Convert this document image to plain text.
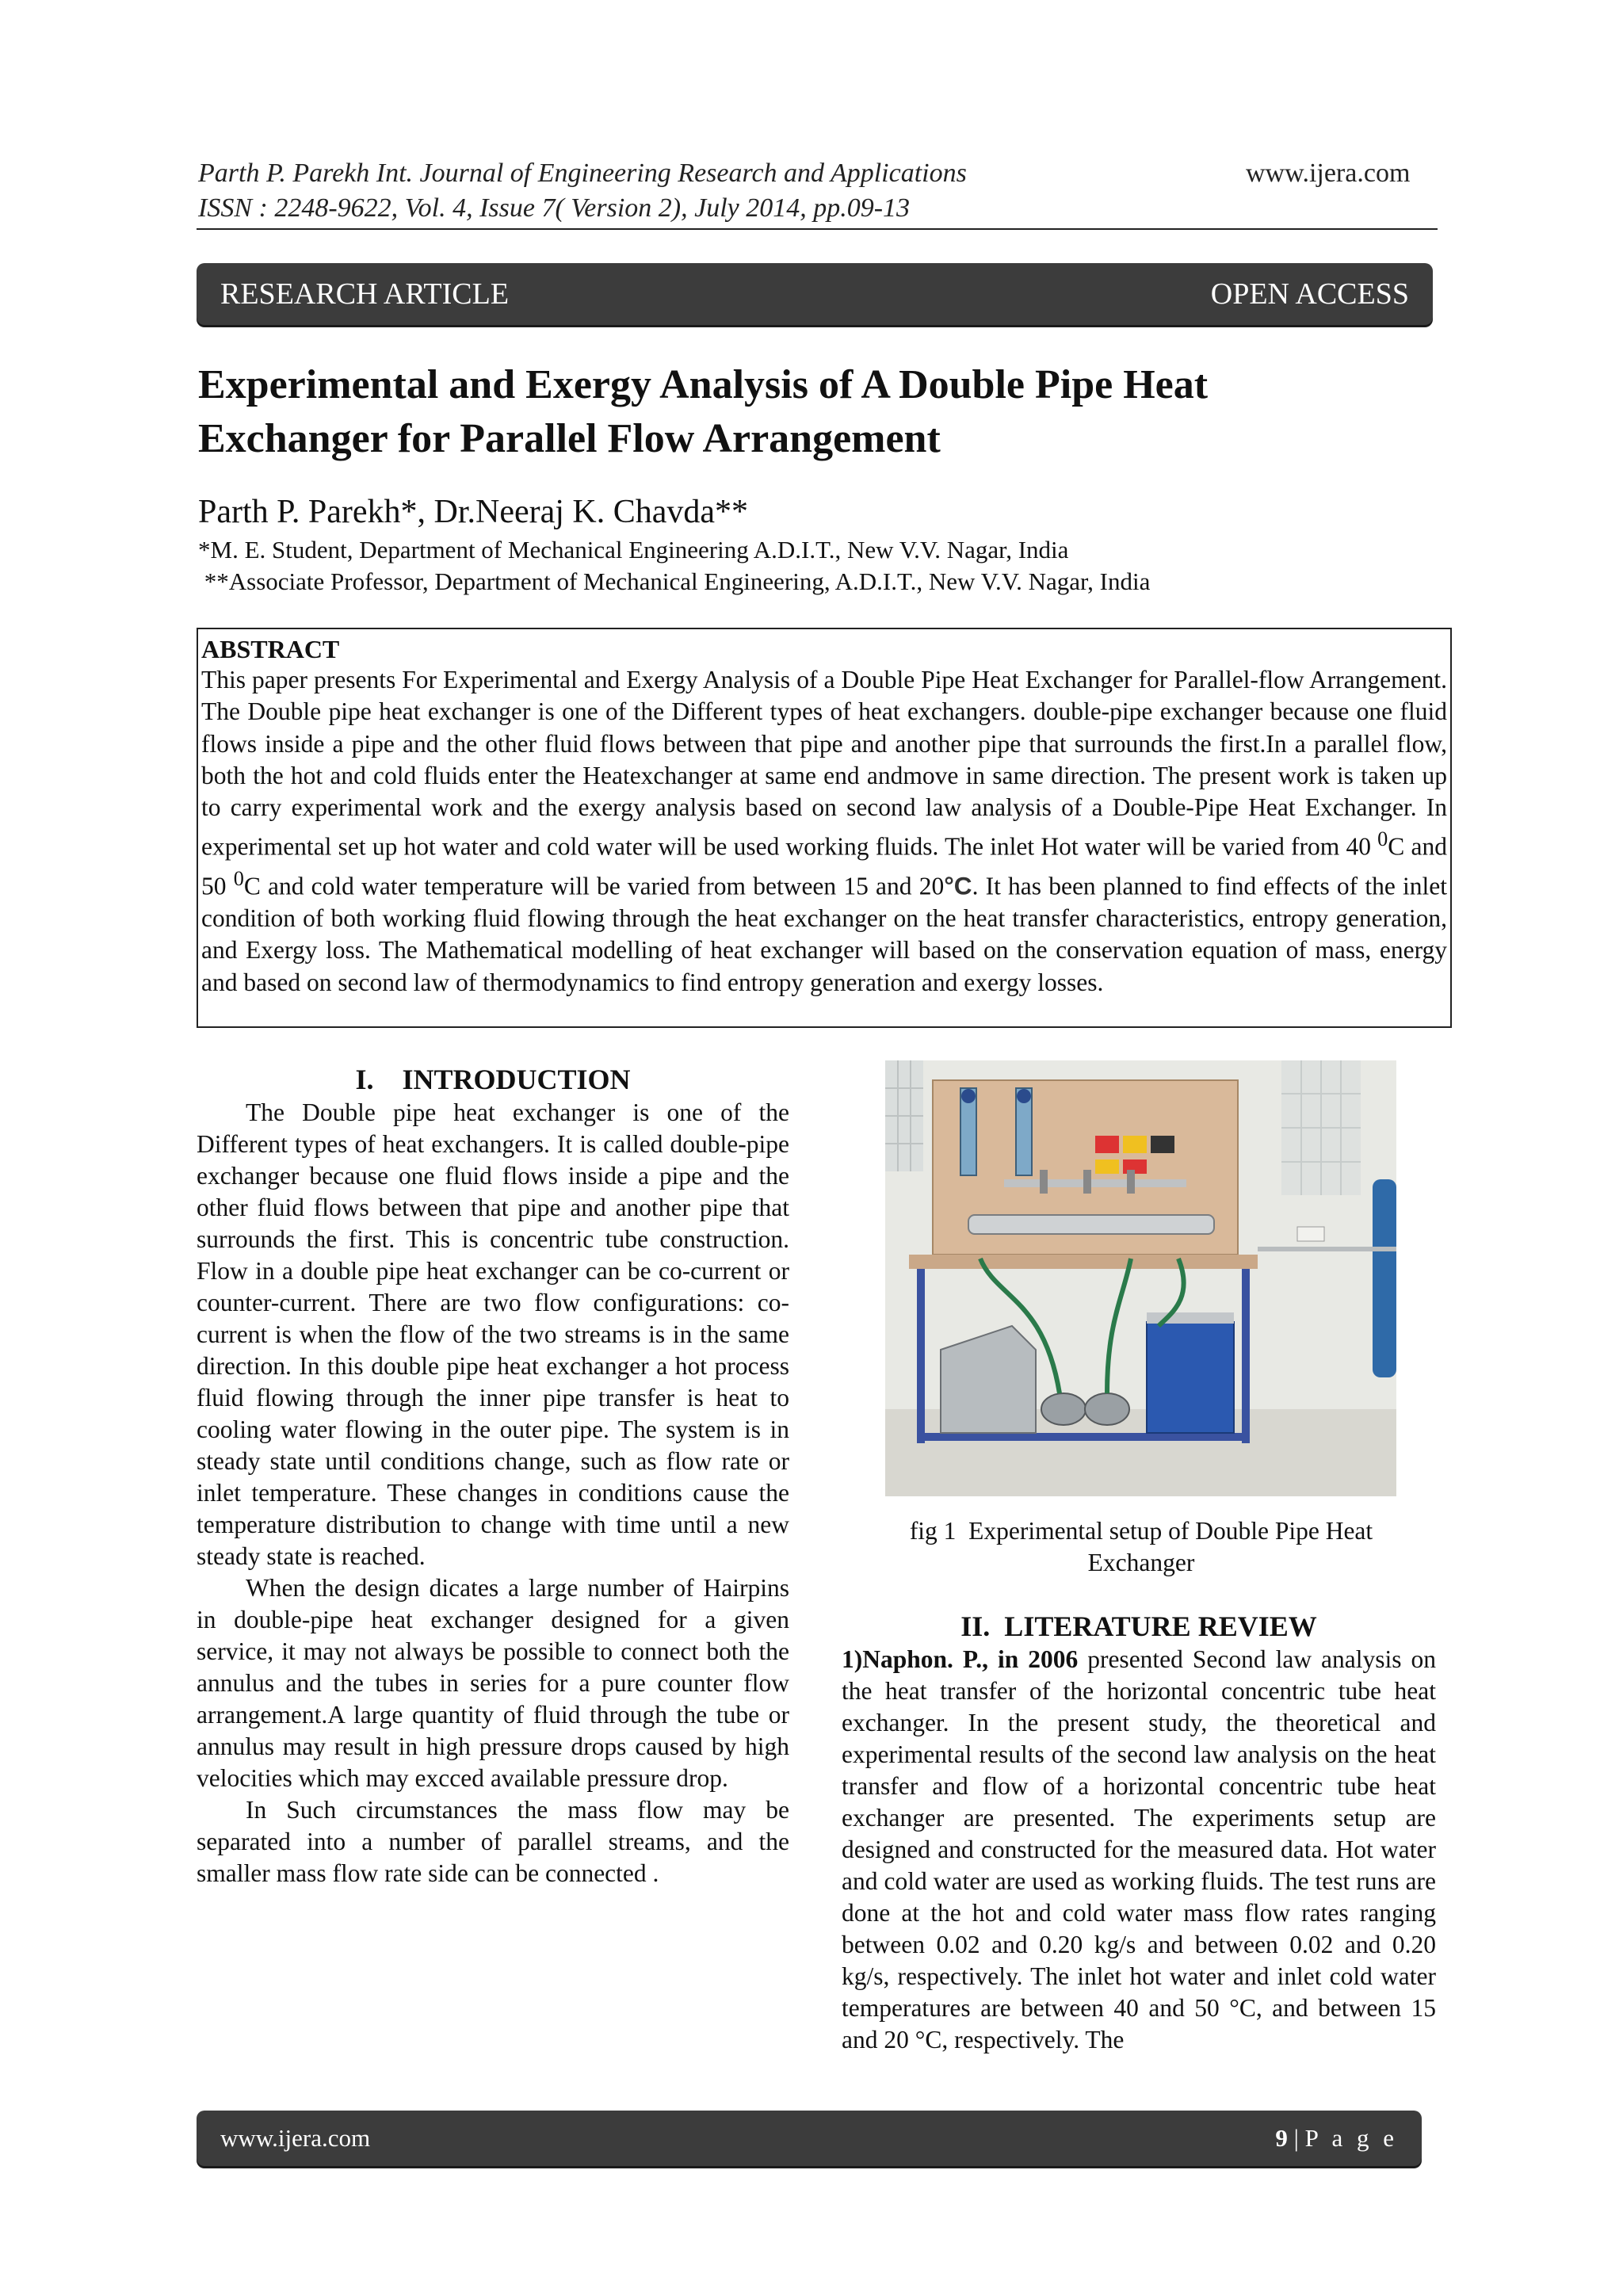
Parth P. Parekh Int. Journal of Engineering Research and Applications
ISSN : 2248-9622, Vol. 4, Issue 7( Version 2), July 2014, pp.09-13
www.ijera.com
RESEARCH ARTICLE	OPEN ACCESS
Experimental and Exergy Analysis of A Double Pipe Heat
Exchanger for Parallel Flow Arrangement
Parth P. Parekh*, Dr.Neeraj K. Chavda**
*M. E. Student, Department of Mechanical Engineering A.D.I.T., New V.V. Nagar, India
**Associate Professor, Department of Mechanical Engineering, A.D.I.T., New V.V. Nagar, India
ABSTRACT
This paper presents For Experimental and Exergy Analysis of a Double Pipe Heat Exchanger for Parallel-flow Arrangement. The Double pipe heat exchanger is one of the Different types of heat exchangers. double-pipe exchanger because one fluid flows inside a pipe and the other fluid flows between that pipe and another pipe that surrounds the first.In a parallel flow, both the hot and cold fluids enter the Heatexchanger at same end andmove in same direction. The present work is taken up to carry experimental work and the exergy analysis based on second law analysis of a Double-Pipe Heat Exchanger. In experimental set up hot water and cold water will be used working fluids. The inlet Hot water will be varied from 40 $^0$C and 50 $^0$C and cold water temperature will be varied from between 15 and 20°C. It has been planned to find effects of the inlet condition of both working fluid flowing through the heat exchanger on the heat transfer characteristics, entropy generation, and Exergy loss. The Mathematical modelling of heat exchanger will based on the conservation equation of mass, energy and based on second law of thermodynamics to find entropy generation and exergy losses.
I.    INTRODUCTION

The Double pipe heat exchanger is one of the Different types of heat exchangers. It is called double-pipe exchanger because one fluid flows inside a pipe and the other fluid flows between that pipe and another pipe that surrounds the first. This is concentric tube construction. Flow in a double pipe heat exchanger can be co-current or counter-current. There are two flow configurations: co-current is when the flow of the two streams is in the same direction. In this double pipe heat exchanger a hot process fluid flowing through the inner pipe transfer is heat to cooling water flowing in the outer pipe. The system is in steady state until conditions change, such as flow rate or inlet temperature. These changes in conditions cause the temperature distribution to change with time until a new steady state is reached.

When the design dicates a large number of Hairpins in double-pipe heat exchanger designed for a given service, it may not always be possible to connect both the annulus and the tubes in series for a pure counter flow arrangement.A large quantity of fluid through the tube or annulus may result in high pressure drops caused by high velocities which may excced available pressure drop.

In Such circumstances the mass flow may be separated into a number of parallel streams, and the smaller mass flow rate side can be connected .

fig 1  Experimental setup of Double Pipe Heat
Exchanger
II.  LITERATURE REVIEW

1)Naphon. P., in 2006 presented Second law analysis on the heat transfer of the horizontal concentric tube heat exchanger. In the present study, the theoretical and experimental results of the second law analysis on the heat transfer and flow of a horizontal concentric tube heat exchanger are presented. The experiments setup are designed and constructed for the measured data. Hot water and cold water are used as working fluids. The test runs are done at the hot and cold water mass flow rates ranging between 0.02 and 0.20 kg/s and between 0.02 and 0.20 kg/s, respectively. The inlet hot water and inlet cold water temperatures are between 40 and 50 °C, and between 15 and 20 °C, respectively. The

www.ijera.com	9 | P a g e
